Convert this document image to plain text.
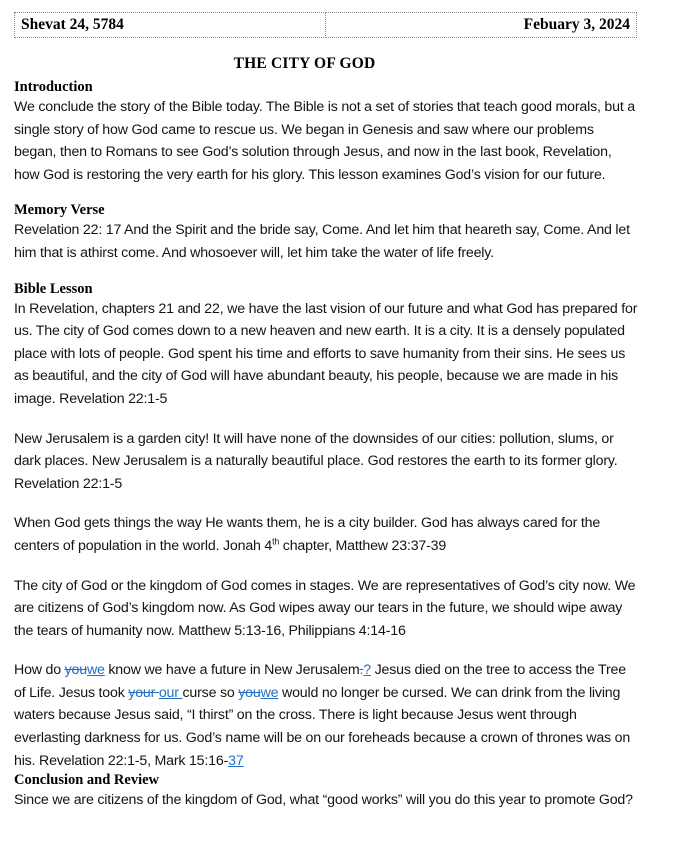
Shevat 24, 5784	Febuary 3, 2024
THE CITY OF GOD
Introduction

We conclude the story of the Bible today. The Bible is not a set of stories that teach good morals, but a single story of how God came to rescue us. We began in Genesis and saw where our problems began, then to Romans to see God’s solution through Jesus, and now in the last book, Revelation, how God is restoring the very earth for his glory. This lesson examines God’s vision for our future.

Memory Verse

Revelation 22: 17 And the Spirit and the bride say, Come. And let him that heareth say, Come. And let him that is athirst come. And whosoever will, let him take the water of life freely.

Bible Lesson

In Revelation, chapters 21 and 22, we have the last vision of our future and what God has prepared for us. The city of God comes down to a new heaven and new earth. It is a city. It is a densely populated place with lots of people. God spent his time and efforts to save humanity from their sins. He sees us as beautiful, and the city of God will have abundant beauty, his people, because we are made in his image. Revelation 22:1-5

New Jerusalem is a garden city! It will have none of the downsides of our cities: pollution, slums, or dark places. New Jerusalem is a naturally beautiful place. God restores the earth to its former glory. Revelation 22:1-5

When God gets things the way He wants them, he is a city builder. God has always cared for the centers of population in the world. Jonah 4th chapter, Matthew 23:37-39

The city of God or the kingdom of God comes in stages. We are representatives of God’s city now. We are citizens of God’s kingdom now. As God wipes away our tears in the future, we should wipe away the tears of humanity now. Matthew 5:13-16, Philippians 4:14-16

How do youwe know we have a future in New Jerusalem.? Jesus died on the tree to access the Tree of Life. Jesus took your our curse so youwe would no longer be cursed. We can drink from the living waters because Jesus said, “I thirst” on the cross. There is light because Jesus went through everlasting darkness for us. God’s name will be on our foreheads because a crown of thrones was on his. Revelation 22:1-5, Mark 15:16-37

Conclusion and Review

Since we are citizens of the kingdom of God, what “good works” will you do this year to promote God?
